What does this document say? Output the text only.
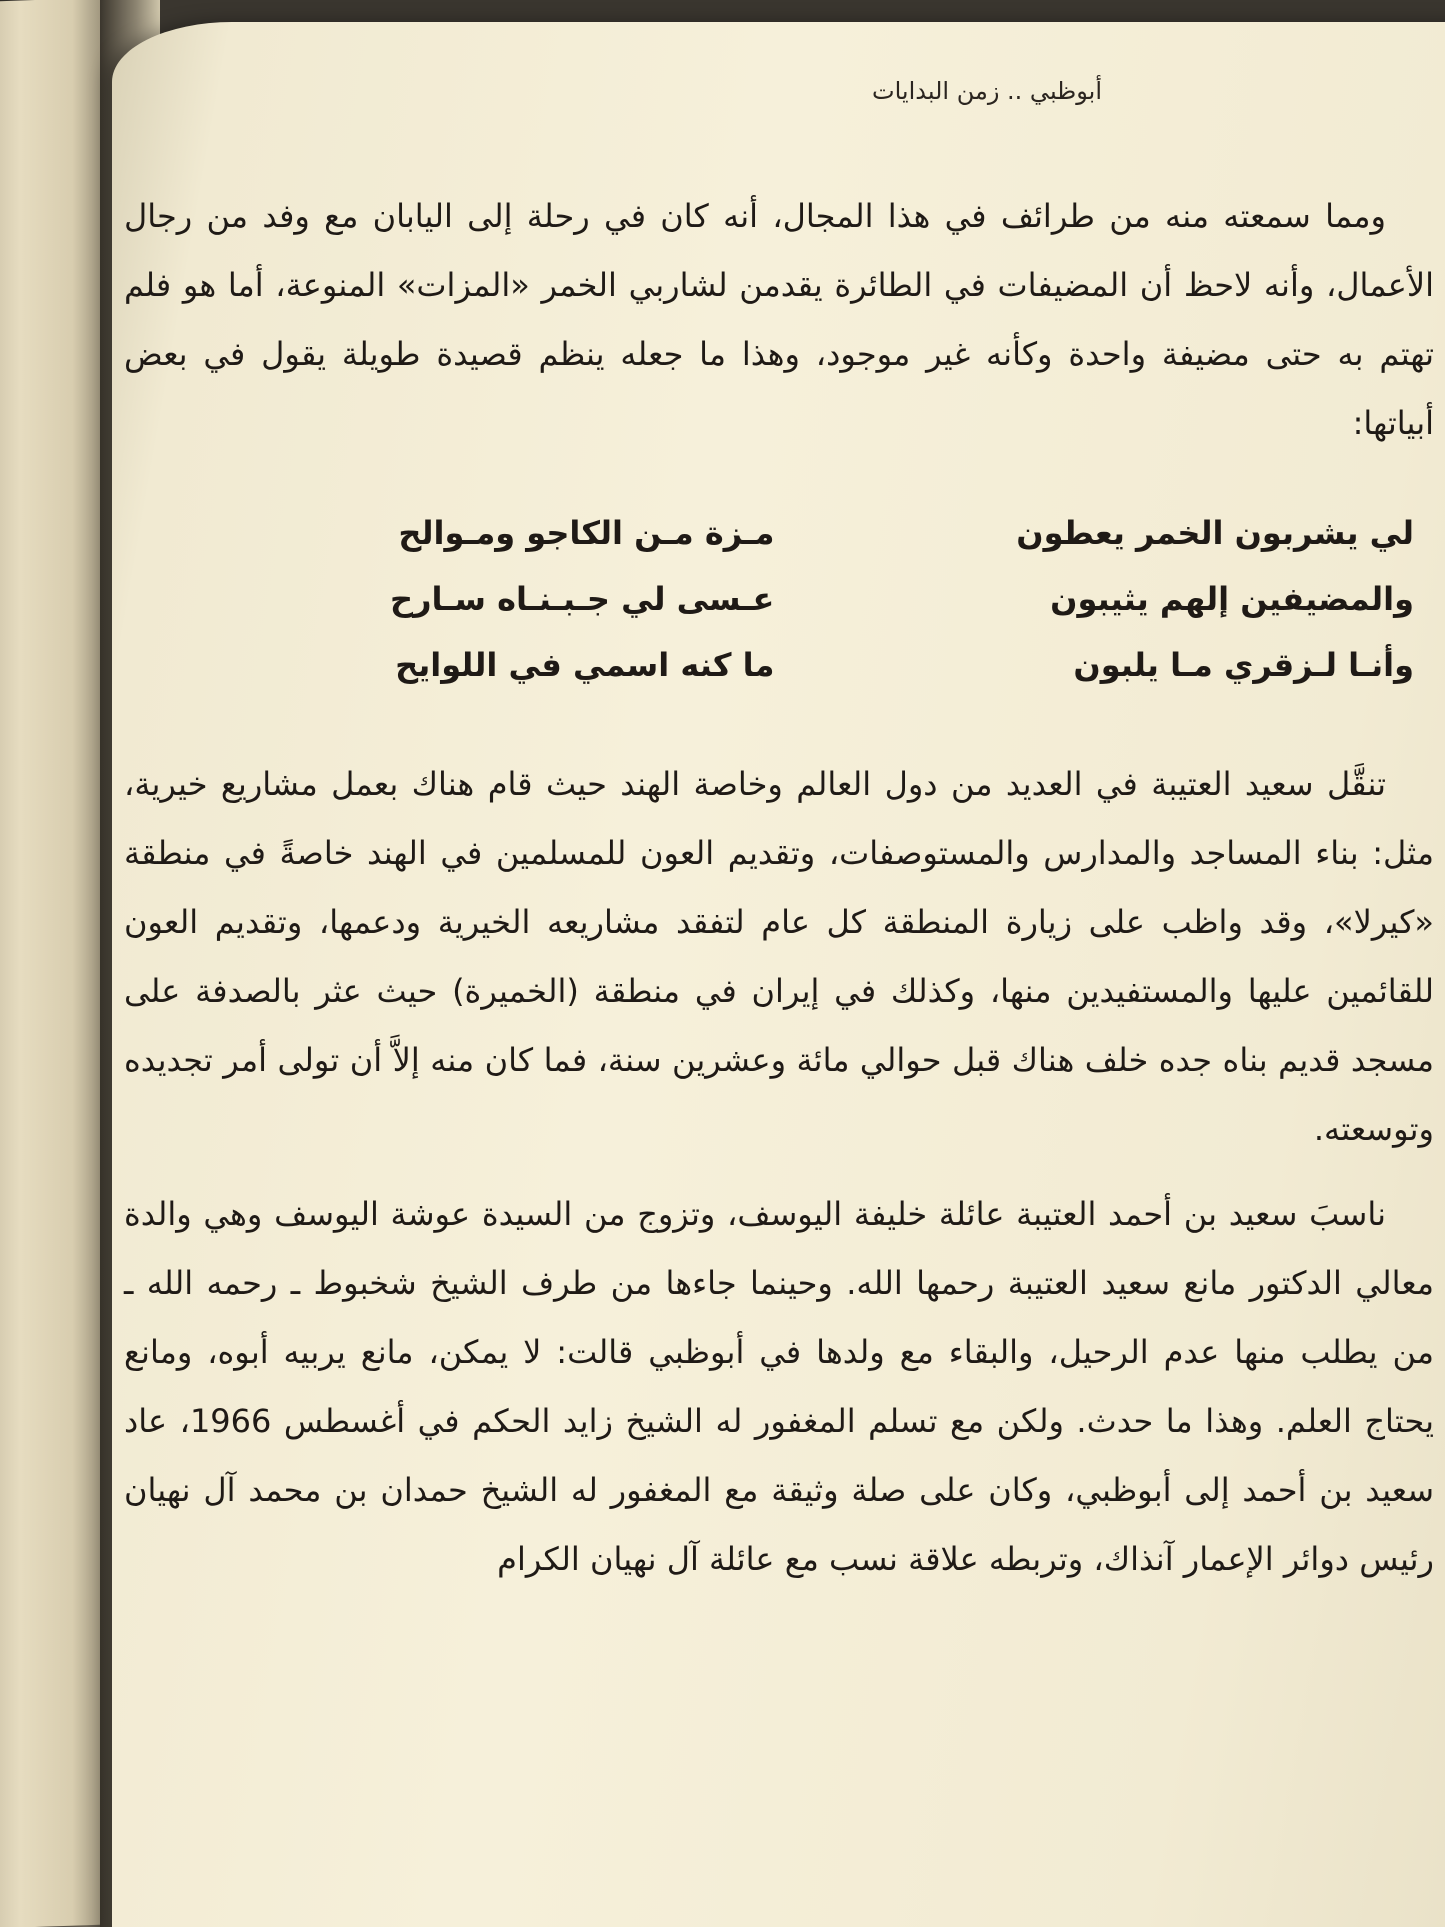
أبوظبي .. زمن البدايات

ومما سمعته منه من طرائف في هذا المجال، أنه كان في رحلة إلى اليابان مع وفد من رجال الأعمال، وأنه لاحظ أن المضيفات في الطائرة يقدمن لشاربي الخمر «المزات» المنوعة، أما هو فلم تهتم به حتى مضيفة واحدة وكأنه غير موجود، وهذا ما جعله ينظم قصيدة طويلة يقول في بعض أبياتها:

لي يشربون الخمر يعطون
مـزة مـن الكاجو ومـوالح
والمضيفين إلهم يثيبون
عـسى لي جـبـنـاه سـارح
وأنـا لـزقري مـا يلبون
ما كنه اسمي في اللوايح

تنقَّل سعيد العتيبة في العديد من دول العالم وخاصة الهند حيث قام هناك بعمل مشاريع خيرية، مثل: بناء المساجد والمدارس والمستوصفات، وتقديم العون للمسلمين في الهند خاصةً في منطقة «كيرلا»، وقد واظب على زيارة المنطقة كل عام لتفقد مشاريعه الخيرية ودعمها، وتقديم العون للقائمين عليها والمستفيدين منها، وكذلك في إيران في منطقة (الخميرة) حيث عثر بالصدفة على مسجد قديم بناه جده خلف هناك قبل حوالي مائة وعشرين سنة، فما كان منه إلاَّ أن تولى أمر تجديده وتوسعته.

ناسبَ سعيد بن أحمد العتيبة عائلة خليفة اليوسف، وتزوج من السيدة عوشة اليوسف وهي والدة معالي الدكتور مانع سعيد العتيبة رحمها الله. وحينما جاءها من طرف الشيخ شخبوط ـ رحمه الله ـ من يطلب منها عدم الرحيل، والبقاء مع ولدها في أبوظبي قالت: لا يمكن، مانع يربيه أبوه، ومانع يحتاج العلم. وهذا ما حدث. ولكن مع تسلم المغفور له الشيخ زايد الحكم في أغسطس 1966، عاد سعيد بن أحمد إلى أبوظبي، وكان على صلة وثيقة مع المغفور له الشيخ حمدان بن محمد آل نهيان رئيس دوائر الإعمار آنذاك، وتربطه علاقة نسب مع عائلة آل نهيان الكرام
